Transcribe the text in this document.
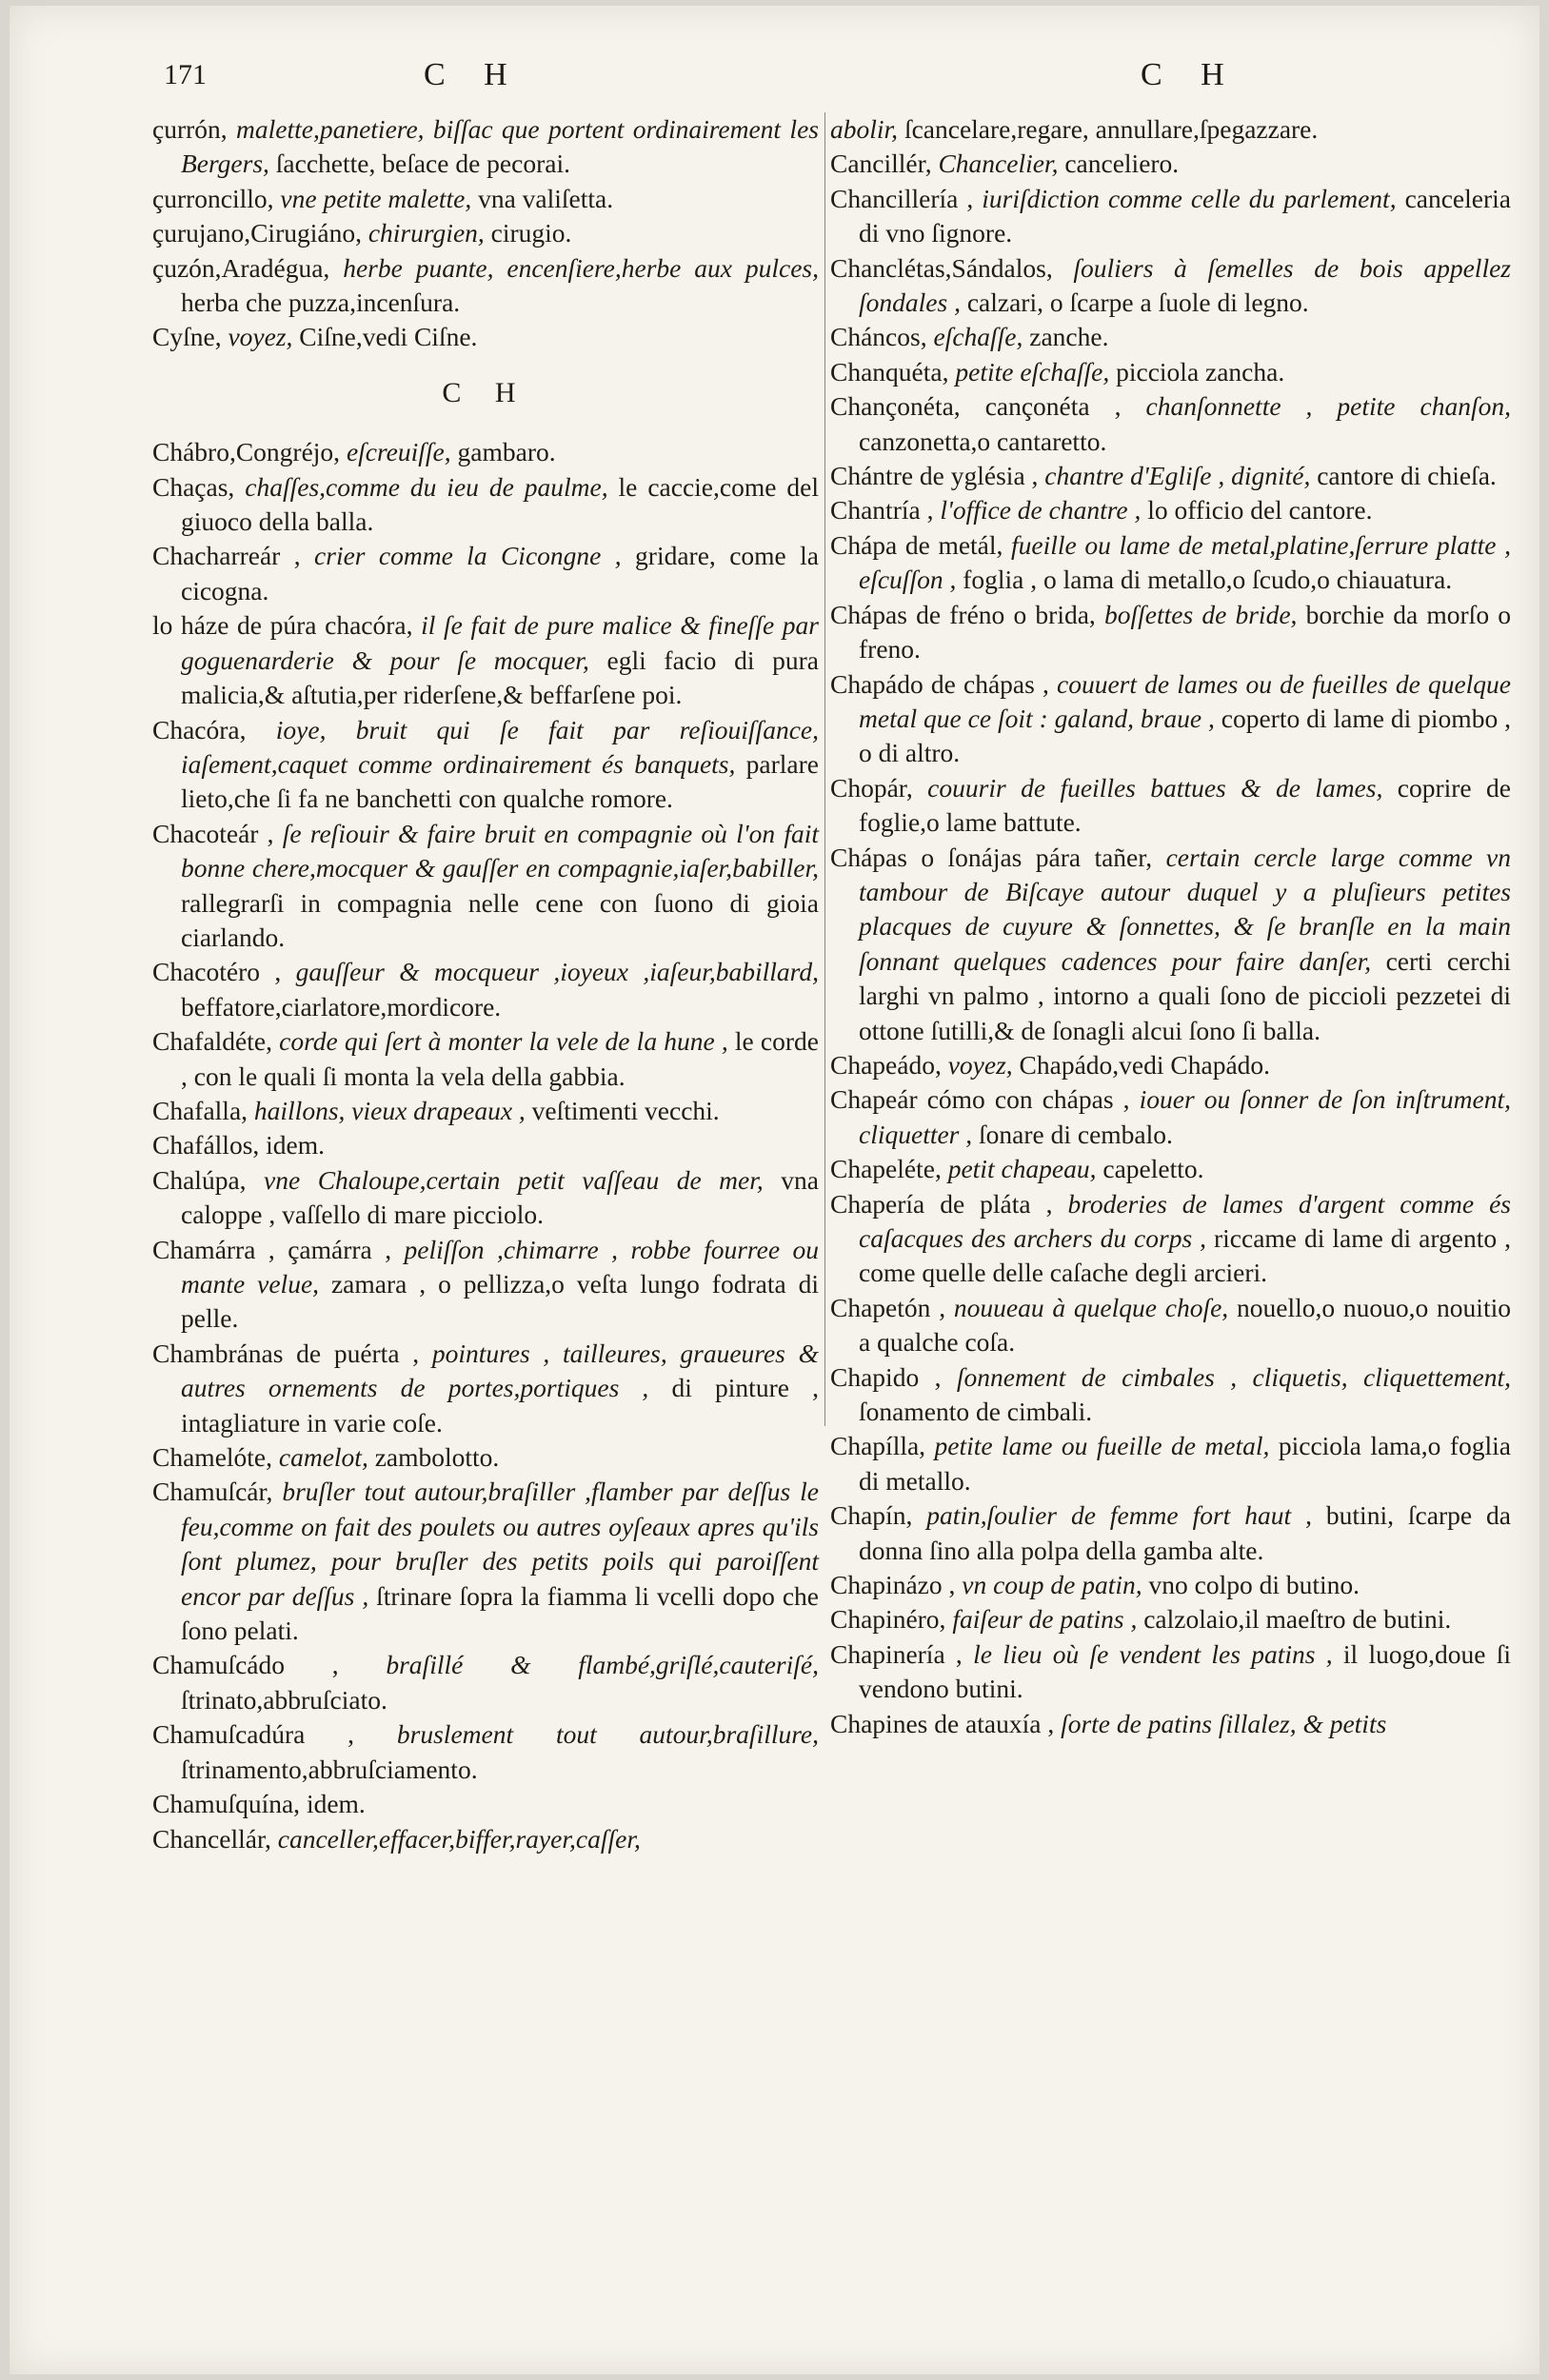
171	C H	C H

çurrón, malette,panetiere, biſſac que portent ordinairement les Bergers, ſacchette, beſace de pecorai.

çurroncillo, vne petite malette, vna valiſetta.

çurujano,Cirugiáno, chirurgien, cirugio.

çuzón,Aradégua, herbe puante, encenſiere,herbe aux pulces, herba che puzza,incenſura.

Cyſne, voyez, Ciſne,vedi Ciſne.

C H

Chábro,Congréjo, eſcreuiſſe, gambaro.

Chaças, chaſſes,comme du ieu de paulme, le caccie,come del giuoco della balla.

Chacharreár , crier comme la Cicongne , gridare, come la cicogna.

lo háze de púra chacóra, il ſe fait de pure malice & fineſſe par goguenarderie & pour ſe mocquer, egli facio di pura malicia,& aſtutia,per riderſene,& beffarſene poi.

Chacóra, ioye, bruit qui ſe fait par reſiouiſſance, iaſement,caquet comme ordinairement és banquets, parlare lieto,che ſi fa ne banchetti con qualche romore.

Chacoteár , ſe reſiouir & faire bruit en compagnie où l'on fait bonne chere,mocquer & gauſſer en compagnie,iaſer,babiller, rallegrarſi in compagnia nelle cene con ſuono di gioia ciarlando.

Chacotéro , gauſſeur & mocqueur ,ioyeux ,iaſeur,babillard, beffatore,ciarlatore,mordicore.

Chafaldéte, corde qui ſert à monter la vele de la hune , le corde , con le quali ſi monta la vela della gabbia.

Chafalla, haillons, vieux drapeaux , veſtimenti vecchi.

Chafállos, idem.

Chalúpa, vne Chaloupe,certain petit vaſſeau de mer, vna caloppe , vaſſello di mare picciolo.

Chamárra , çamárra , peliſſon ,chimarre , robbe fourree ou mante velue, zamara , o pellizza,o veſta lungo fodrata di pelle.

Chambránas de puérta , pointures , tailleures, graueures & autres ornements de portes,portiques , di pinture , intagliature in varie coſe.

Chamelóte, camelot, zambolotto.

Chamuſcár, bruſler tout autour,braſiller ,flamber par deſſus le feu,comme on fait des poulets ou autres oyſeaux apres qu'ils ſont plumez, pour bruſler des petits poils qui paroiſſent encor par deſſus , ſtrinare ſopra la fiamma li vcelli dopo che ſono pelati.

Chamuſcádo , braſillé & flambé,griſlé,cauteriſé, ſtrinato,abbruſciato.

Chamuſcadúra , bruslement tout autour,braſillure, ſtrinamento,abbruſciamento.

Chamuſquína, idem.

Chancellár, canceller,effacer,biffer,rayer,caſſer,

abolir, ſcancelare,regare, annullare,ſpegazzare.

Cancillér, Chancelier, canceliero.

Chancillería , iuriſdiction comme celle du parlement, canceleria di vno ſignore.

Chanclétas,Sándalos, ſouliers à ſemelles de bois appellez ſondales , calzari, o ſcarpe a ſuole di legno.

Cháncos, eſchaſſe, zanche.

Chanquéta, petite eſchaſſe, picciola zancha.

Chançonéta, cançonéta , chanſonnette , petite chanſon, canzonetta,o cantaretto.

Chántre de yglésia , chantre d'Egliſe , dignité, cantore di chieſa.

Chantría , l'office de chantre , lo officio del cantore.

Chápa de metál, fueille ou lame de metal,platine,ſerrure platte , eſcuſſon , foglia , o lama di metallo,o ſcudo,o chiauatura.

Chápas de fréno o brida, boſſettes de bride, borchie da morſo o freno.

Chapádo de chápas , couuert de lames ou de fueilles de quelque metal que ce ſoit : galand, braue , coperto di lame di piombo , o di altro.

Chopár, couurir de fueilles battues & de lames, coprire de foglie,o lame battute.

Chápas o ſonájas pára tañer, certain cercle large comme vn tambour de Biſcaye autour duquel y a pluſieurs petites placques de cuyure & ſonnettes, & ſe branſle en la main ſonnant quelques cadences pour faire danſer, certi cerchi larghi vn palmo , intorno a quali ſono de piccioli pezzetei di ottone ſutilli,& de ſonagli alcui ſono ſi balla.

Chapeádo, voyez, Chapádo,vedi Chapádo.

Chapeár cómo con chápas , iouer ou ſonner de ſon inſtrument, cliquetter , ſonare di cembalo.

Chapeléte, petit chapeau, capeletto.

Chapería de pláta , broderies de lames d'argent comme és caſacques des archers du corps , riccame di lame di argento , come quelle delle caſache degli arcieri.

Chapetón , nouueau à quelque choſe, nouello,o nuouo,o nouitio a qualche coſa.

Chapido , ſonnement de cimbales , cliquetis, cliquettement, ſonamento de cimbali.

Chapílla, petite lame ou fueille de metal, picciola lama,o foglia di metallo.

Chapín, patin,ſoulier de femme fort haut , butini, ſcarpe da donna ſino alla polpa della gamba alte.

Chapinázo , vn coup de patin, vno colpo di butino.

Chapinéro, faiſeur de patins , calzolaio,il maeſtro de butini.

Chapinería , le lieu où ſe vendent les patins , il luogo,doue ſi vendono butini.

Chapines de atauxía , ſorte de patins ſillalez, & petits
